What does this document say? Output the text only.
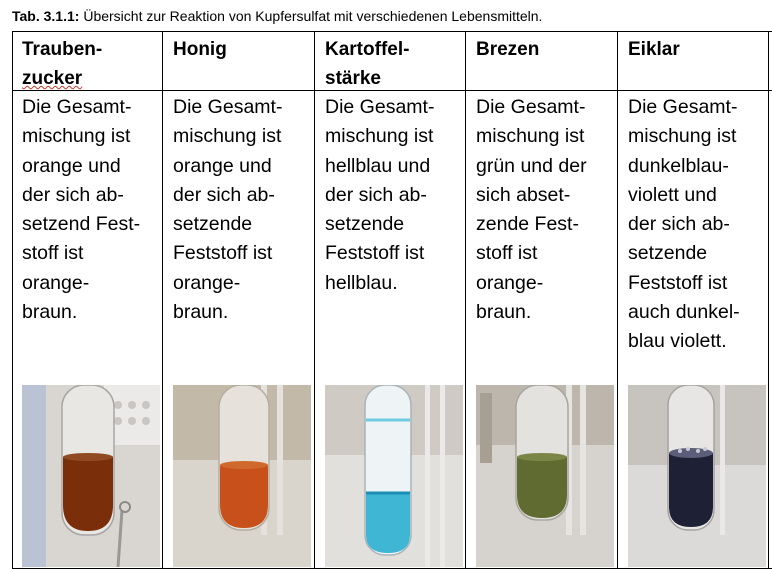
Tab. 3.1.1: Übersicht zur Reaktion von Kupfersulfat mit verschiedenen Lebensmitteln.
Trauben-
zucker
Honig	Kartoffel-
stärke
Brezen	Eiklar
Die Gesamt-
mischung ist
orange und
der sich ab-
setzend Fest-
stoff ist
orange-
braun.
Die Gesamt-
mischung ist
orange und
der sich ab-
setzende
Feststoff ist
orange-
braun.
Die Gesamt-
mischung ist
hellblau und
der sich ab-
setzende
Feststoff ist
hellblau.
Die Gesamt-
mischung ist
grün und der
sich abset-
zende Fest-
stoff ist
orange-
braun.
Die Gesamt-
mischung ist
dunkelblau-
violett und
der sich ab-
setzende
Feststoff ist
auch dunkel-
blau violett.
